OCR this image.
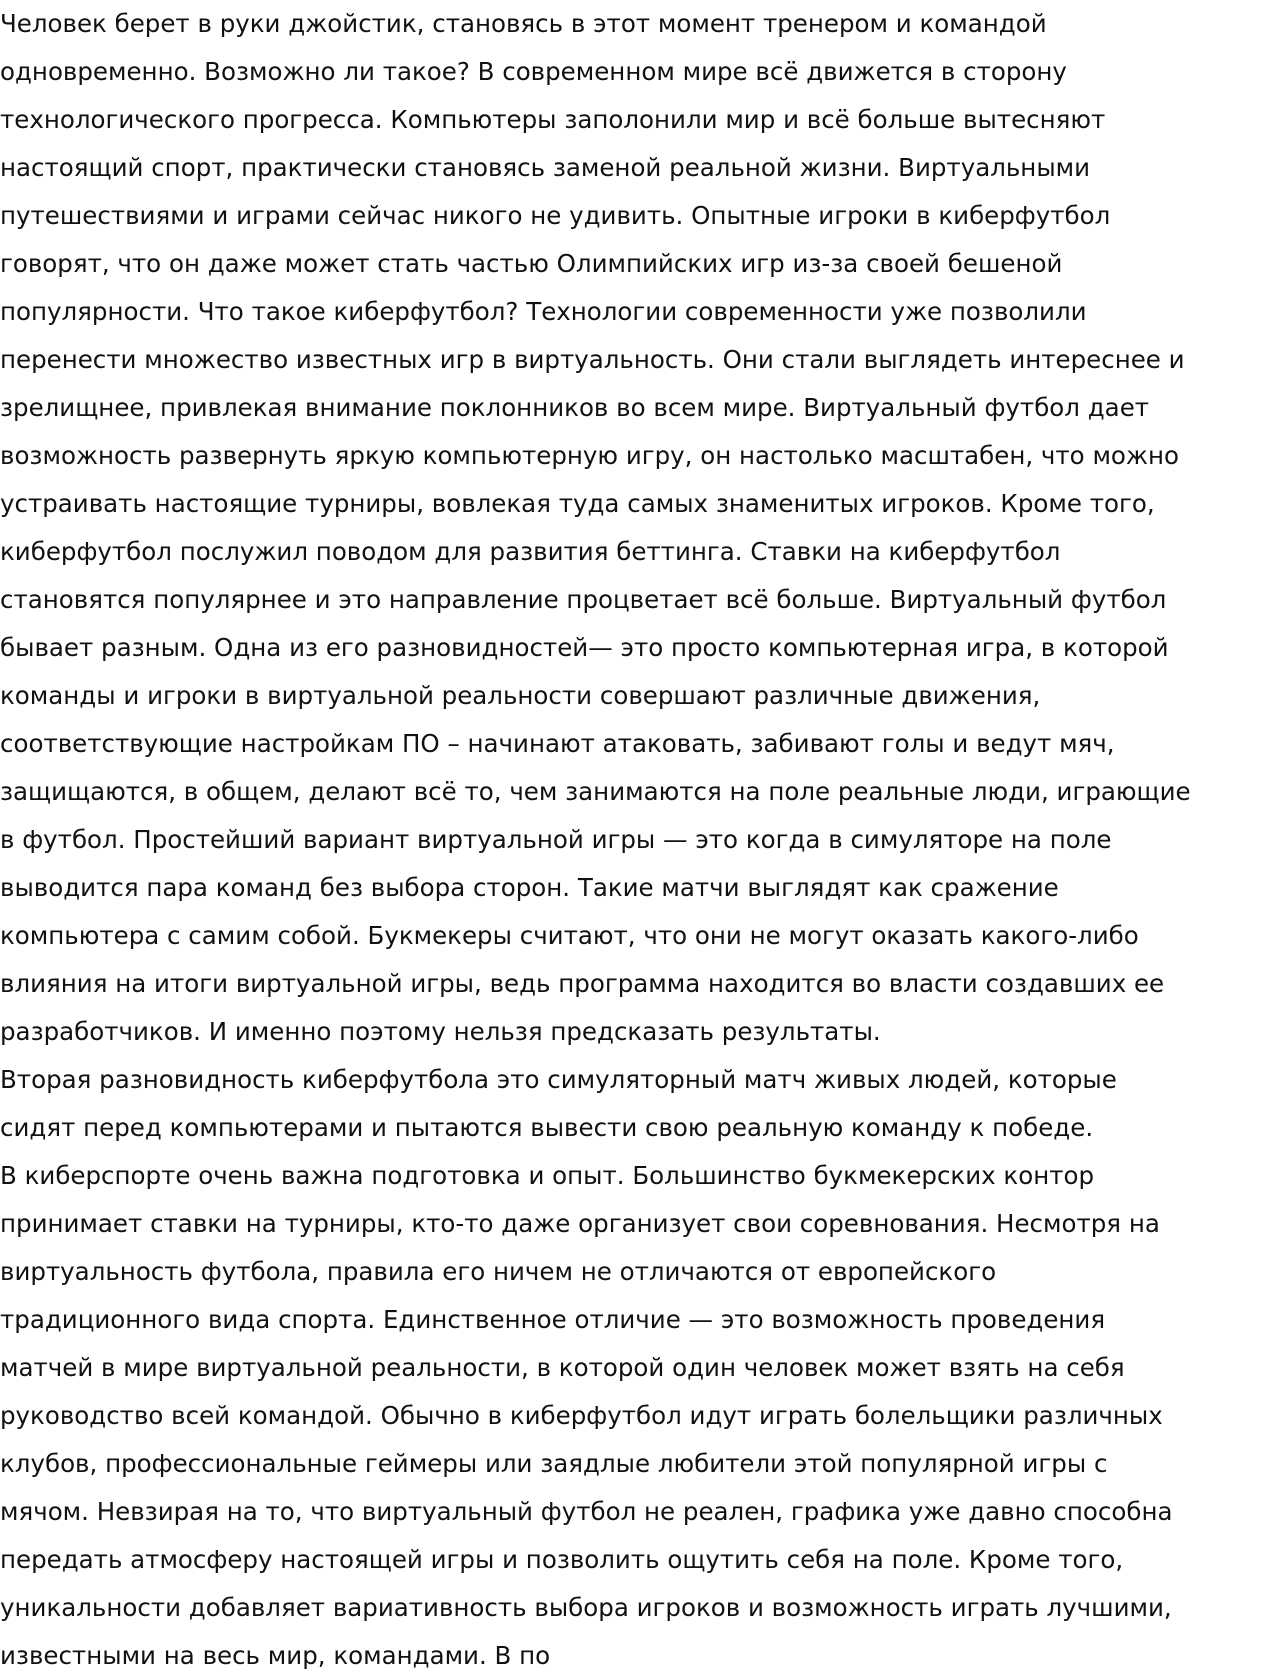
Человек берет в руки джойстик, становясь в этот момент тренером и командой
одновременно. Возможно ли такое? В современном мире всё движется в сторону
технологического прогресса. Компьютеры заполонили мир и всё больше вытесняют
настоящий спорт, практически становясь заменой реальной жизни. Виртуальными
путешествиями и играми сейчас никого не удивить. Опытные игроки в киберфутбол
говорят, что он даже может стать частью Олимпийских игр из-за своей бешеной
популярности. Что такое киберфутбол? Технологии современности уже позволили
перенести множество известных игр в виртуальность. Они стали выглядеть интереснее и
зрелищнее, привлекая внимание поклонников во всем мире. Виртуальный футбол дает
возможность развернуть яркую компьютерную игру, он настолько масштабен, что можно
устраивать настоящие турниры, вовлекая туда самых знаменитых игроков. Кроме того,
киберфутбол послужил поводом для развития беттинга. Ставки на киберфутбол
становятся популярнее и это направление процветает всё больше. Виртуальный футбол
бывает разным. Одна из его разновидностей— это просто компьютерная игра, в которой
команды и игроки в виртуальной реальности совершают различные движения,
соответствующие настройкам ПО – начинают атаковать, забивают голы и ведут мяч,
защищаются, в общем, делают всё то, чем занимаются на поле реальные люди, играющие
в футбол. Простейший вариант виртуальной игры — это когда в симуляторе на поле
выводится пара команд без выбора сторон. Такие матчи выглядят как сражение
компьютера с самим собой. Букмекеры считают, что они не могут оказать какого-либо
влияния на итоги виртуальной игры, ведь программа находится во власти создавших ее
разработчиков. И именно поэтому нельзя предсказать результаты.
Вторая разновидность киберфутбола это симуляторный матч живых людей, которые
сидят перед компьютерами и пытаются вывести свою реальную команду к победе.
В киберспорте очень важна подготовка и опыт. Большинство букмекерских контор
принимает ставки на турниры, кто-то даже организует свои соревнования. Несмотря на
виртуальность футбола, правила его ничем не отличаются от европейского
традиционного вида спорта. Единственное отличие — это возможность проведения
матчей в мире виртуальной реальности, в которой один человек может взять на себя
руководство всей командой. Обычно в киберфутбол идут играть болельщики различных
клубов, профессиональные геймеры или заядлые любители этой популярной игры с
мячом. Невзирая на то, что виртуальный футбол не реален, графика уже давно способна
передать атмосферу настоящей игры и позволить ощутить себя на поле. Кроме того,
уникальности добавляет вариативность выбора игроков и возможность играть лучшими,
известными на весь мир, командами. В по
